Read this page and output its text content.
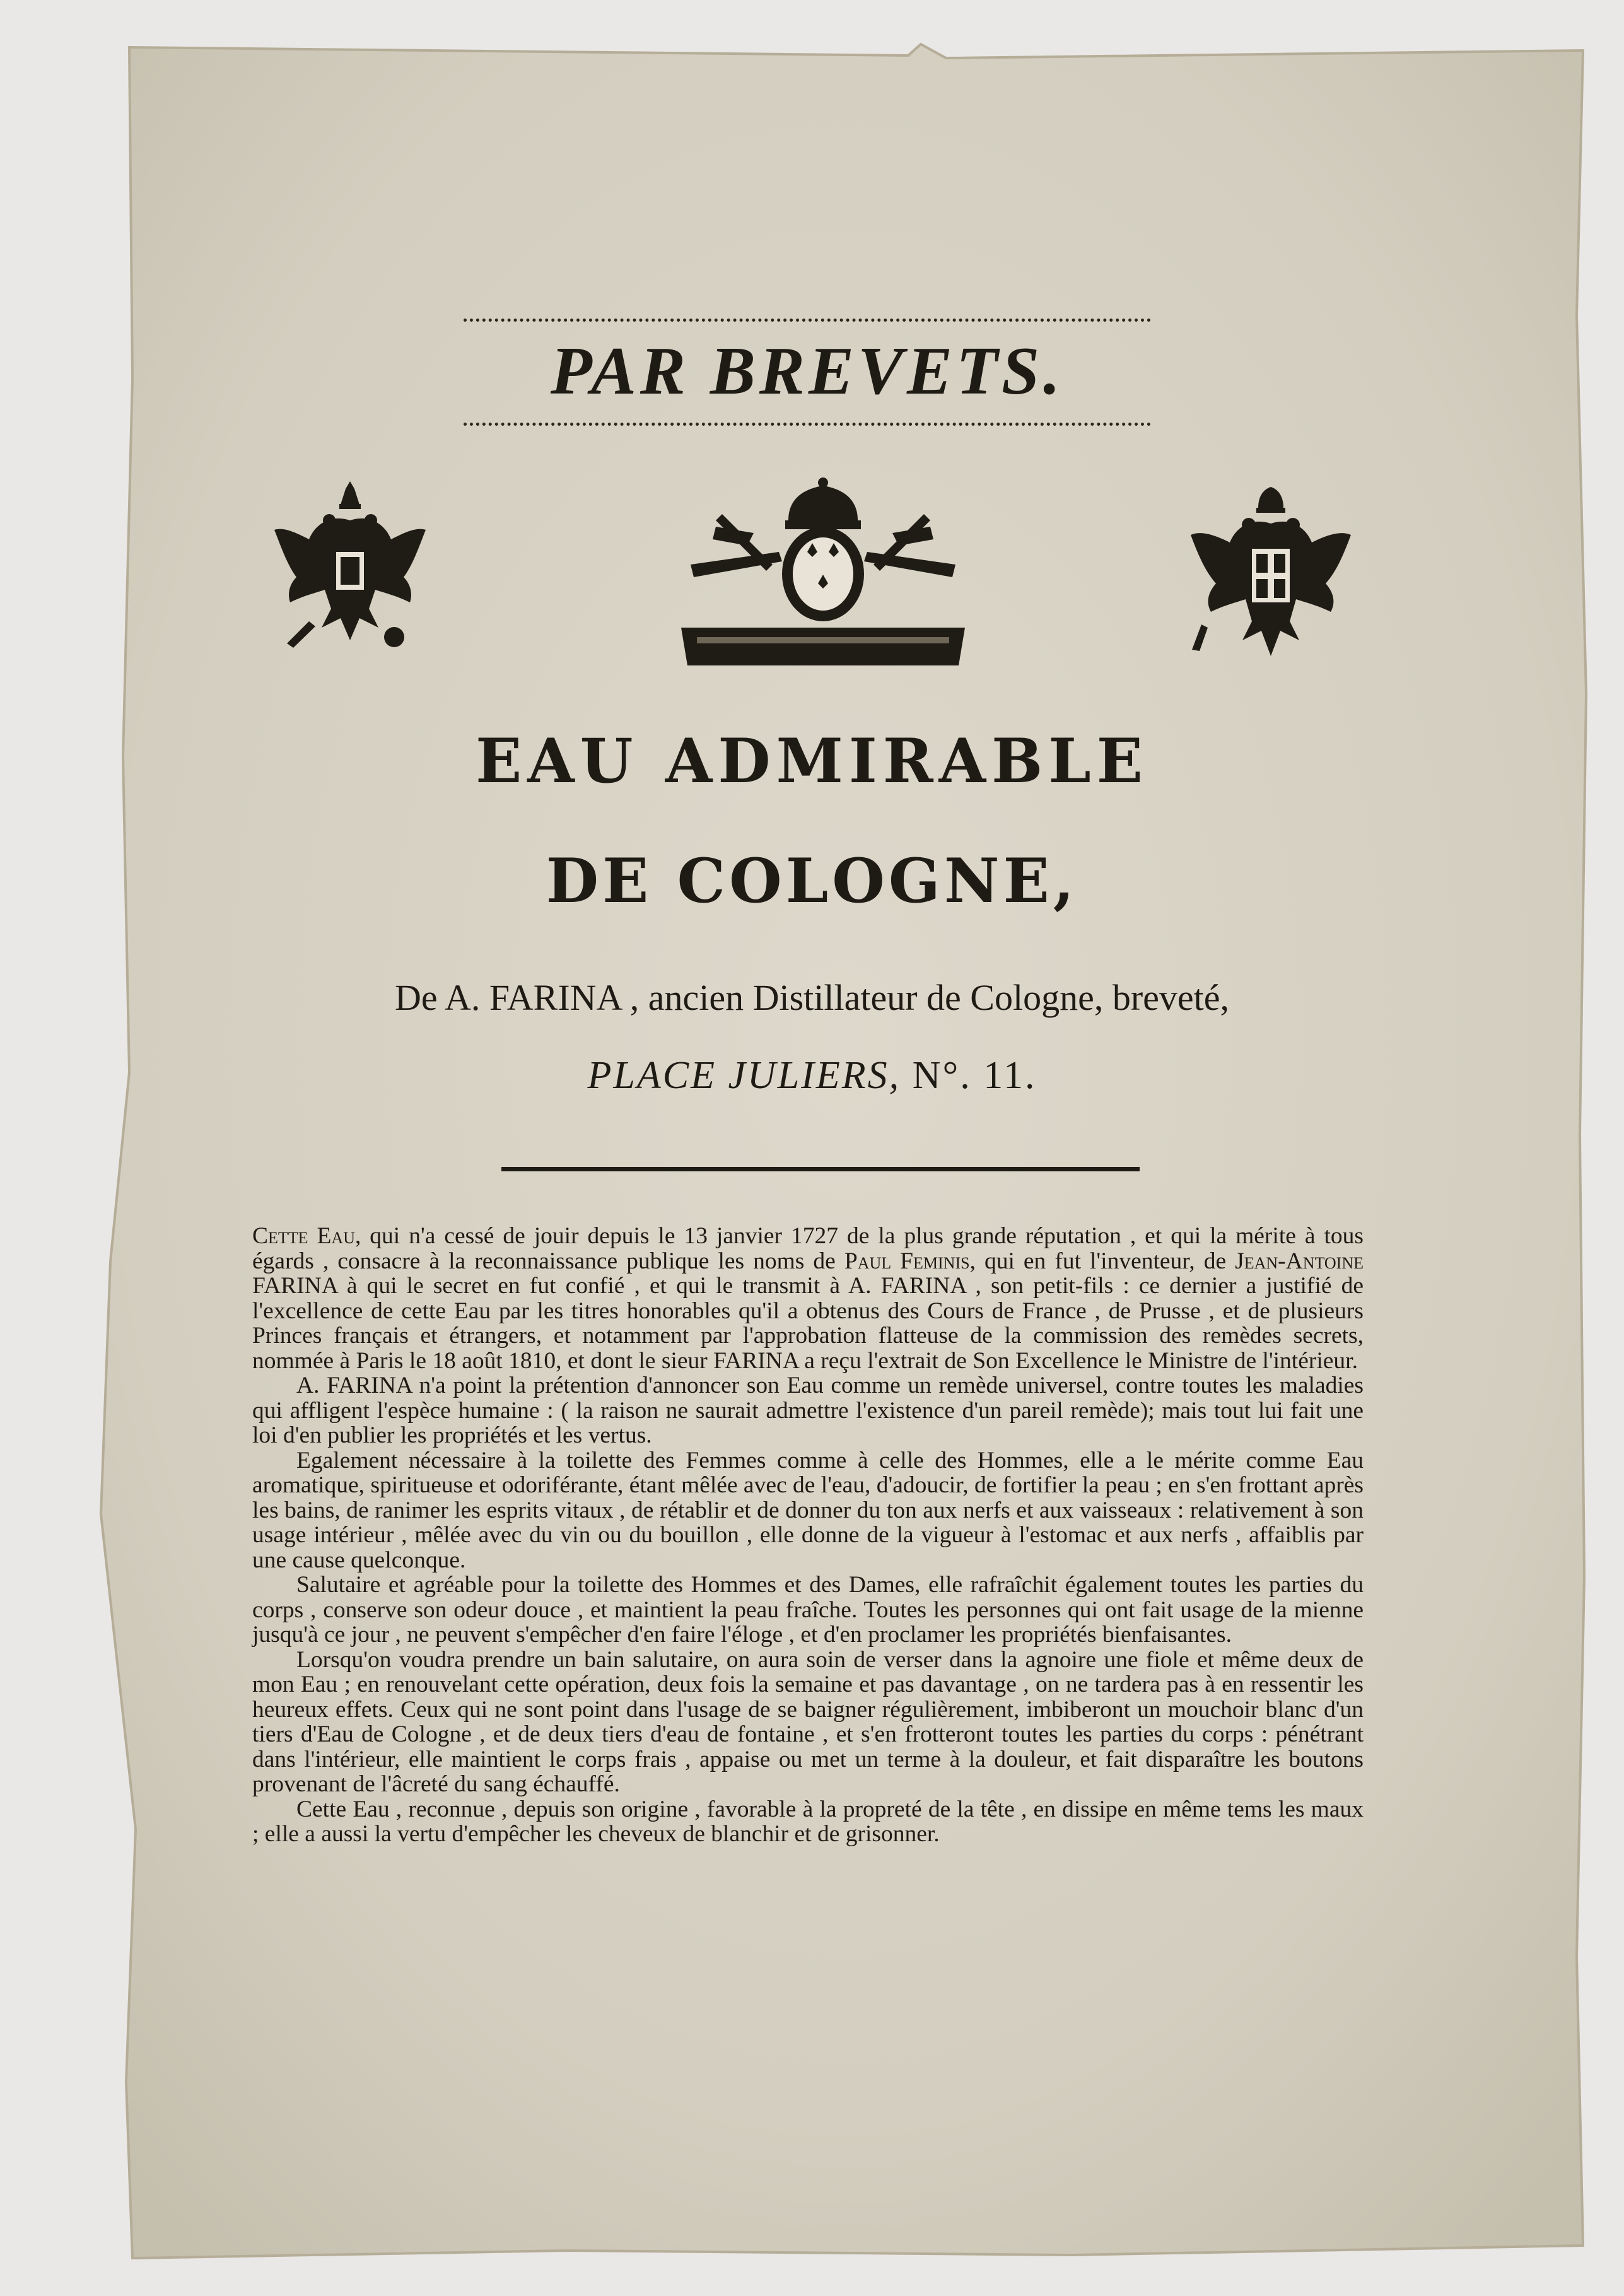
PAR BREVETS.
EAU ADMIRABLE
DE COLOGNE,
De A. FARINA , ancien Distillateur de Cologne, breveté,
PLACE JULIERS, N°. 11.

Cette Eau, qui n'a cessé de jouir depuis le 13 janvier 1727 de la plus grande réputation , et qui la mérite à tous égards , consacre à la reconnaissance publique les noms de Paul Feminis, qui en fut l'inventeur, de Jean-Antoine FARINA à qui le secret en fut confié , et qui le transmit à A. FARINA , son petit-fils : ce dernier a justifié de l'excellence de cette Eau par les titres honorables qu'il a obtenus des Cours de France , de Prusse , et de plusieurs Princes français et étrangers, et notamment par l'approbation flatteuse de la commission des remèdes secrets, nommée à Paris le 18 août 1810, et dont le sieur FARINA a reçu l'extrait de Son Excellence le Ministre de l'intérieur.

A. FARINA n'a point la prétention d'annoncer son Eau comme un remède universel, contre toutes les maladies qui affligent l'espèce humaine : ( la raison ne saurait admettre l'existence d'un pareil remède); mais tout lui fait une loi d'en publier les propriétés et les vertus.

Egalement nécessaire à la toilette des Femmes comme à celle des Hommes, elle a le mérite comme Eau aromatique, spiritueuse et odoriférante, étant mêlée avec de l'eau, d'adoucir, de fortifier la peau ; en s'en frottant après les bains, de ranimer les esprits vitaux , de rétablir et de donner du ton aux nerfs et aux vaisseaux : relativement à son usage intérieur , mêlée avec du vin ou du bouillon , elle donne de la vigueur à l'estomac et aux nerfs , affaiblis par une cause quelconque.

Salutaire et agréable pour la toilette des Hommes et des Dames, elle rafraîchit également toutes les parties du corps , conserve son odeur douce , et maintient la peau fraîche. Toutes les personnes qui ont fait usage de la mienne jusqu'à ce jour , ne peuvent s'empêcher d'en faire l'éloge , et d'en proclamer les propriétés bienfaisantes.

Lorsqu'on voudra prendre un bain salutaire, on aura soin de verser dans la agnoire une fiole et même deux de mon Eau ; en renouvelant cette opération, deux fois la semaine et pas davantage , on ne tardera pas à en ressentir les heureux effets. Ceux qui ne sont point dans l'usage de se baigner régulièrement, imbiberont un mouchoir blanc d'un tiers d'Eau de Cologne , et de deux tiers d'eau de fontaine , et s'en frotteront toutes les parties du corps : pénétrant dans l'intérieur, elle maintient le corps frais , appaise ou met un terme à la douleur, et fait disparaître les boutons provenant de l'âcreté du sang échauffé.

Cette Eau , reconnue , depuis son origine , favorable à la propreté de la tête , en dissipe en même tems les maux ; elle a aussi la vertu d'empêcher les cheveux de blanchir et de grisonner.
